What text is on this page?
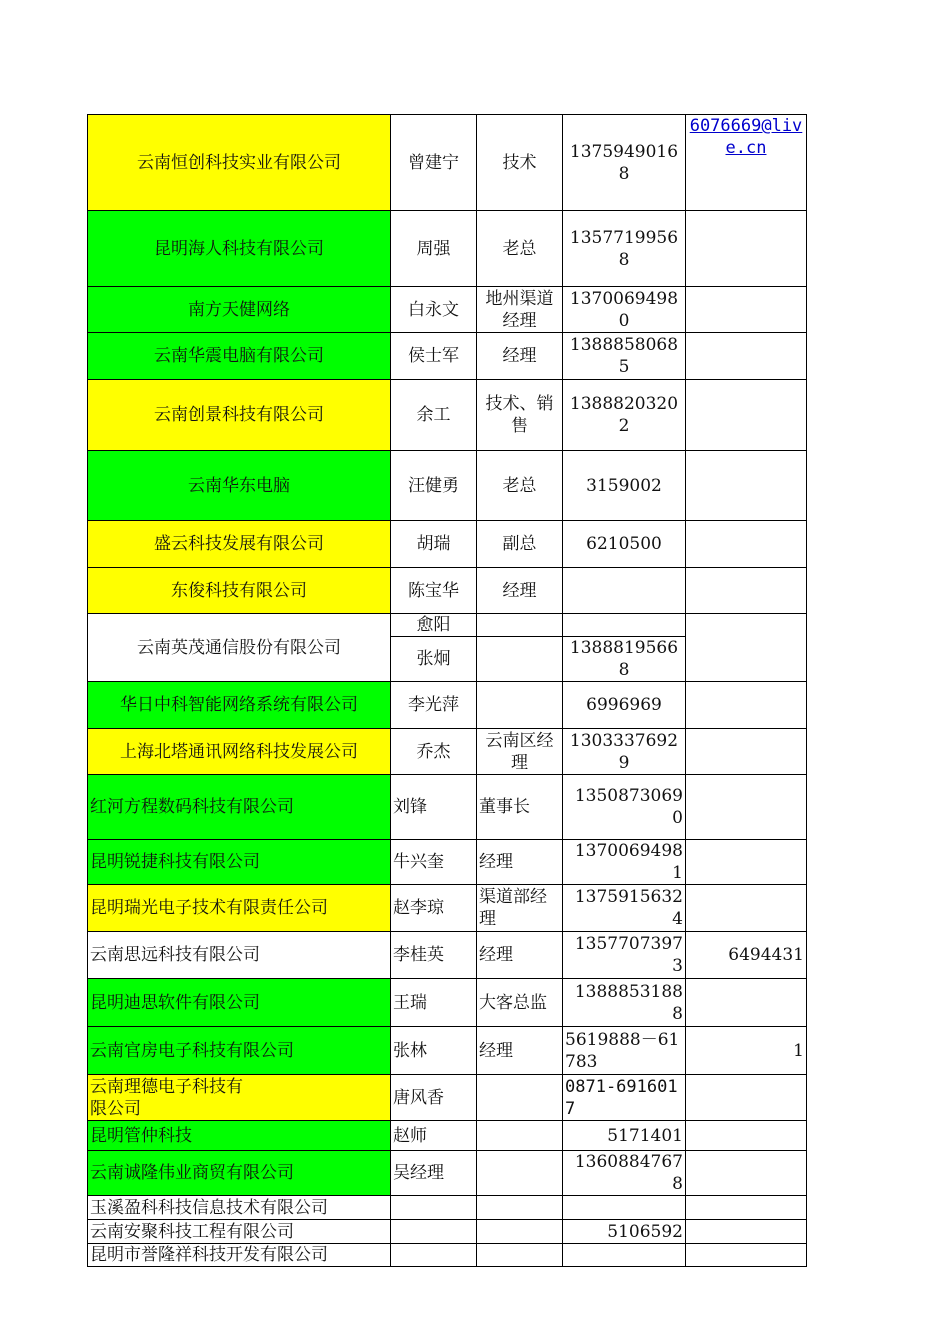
云南恒创科技实业有限公司	曾建宁	技术	13759490168	6076669@live.cn
昆明海人科技有限公司	周强	老总	13577199568	
南方天健网络	白永文	地州渠道经理	13700694980	
云南华震电脑有限公司	侯士军	经理	13888580685	
云南创景科技有限公司	余工	技术、销售	13888203202	
云南华东电脑	汪健勇	老总	3159002	
盛云科技发展有限公司	胡瑞	副总	6210500	
东俊科技有限公司	陈宝华	经理		
云南英茂通信股份有限公司	愈阳			
	张炯		13888195668	
华日中科智能网络系统有限公司	李光萍		6996969	
上海北塔通讯网络科技发展公司	乔杰	云南区经理	13033376929	
红河方程数码科技有限公司	刘锋	董事长	13508730690	
昆明锐捷科技有限公司	牛兴奎	经理	13700694981	
昆明瑞光电子技术有限责任公司	赵李琼	渠道部经理	13759156324	
云南思远科技有限公司	李桂英	经理	13577073973	6494431
昆明迪思软件有限公司	王瑞	大客总监	13888531888	
云南官房电子科技有限公司	张林	经理	5619888－61783	1
云南理德电子科技有限公司	唐风香		0871-6916017	
昆明管仲科技	赵师		5171401	
云南诚隆伟业商贸有限公司	吴经理		13608847678	
玉溪盈科科技信息技术有限公司				
云南安聚科技工程有限公司			5106592	
昆明市誉隆祥科技开发有限公司				
